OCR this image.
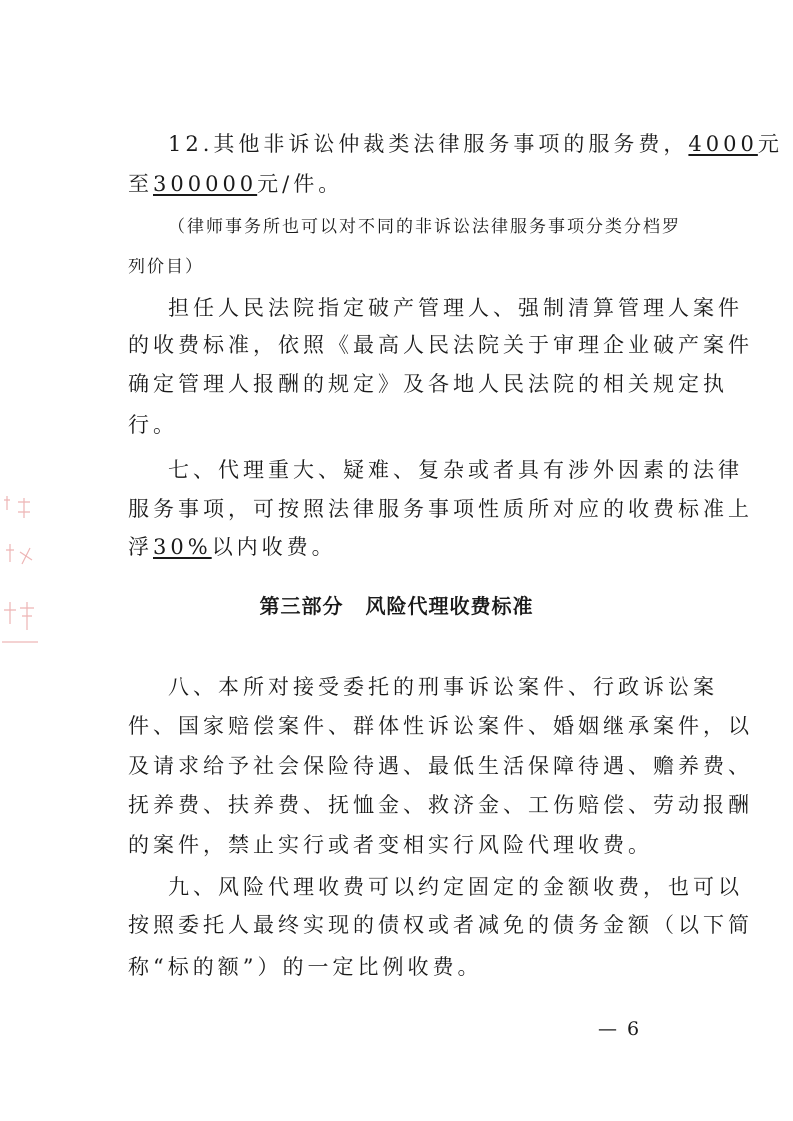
12.其他非诉讼仲裁类法律服务事项的服务费，4000元
至300000元/件。
（律师事务所也可以对不同的非诉讼法律服务事项分类分档罗
列价目）
担任人民法院指定破产管理人、强制清算管理人案件
的收费标准，依照《最高人民法院关于审理企业破产案件
确定管理人报酬的规定》及各地人民法院的相关规定执
行。
七、代理重大、疑难、复杂或者具有涉外因素的法律
服务事项，可按照法律服务事项性质所对应的收费标准上
浮30%以内收费。
第三部分 风险代理收费标准
八、本所对接受委托的刑事诉讼案件、行政诉讼案
件、国家赔偿案件、群体性诉讼案件、婚姻继承案件，以
及请求给予社会保险待遇、最低生活保障待遇、赡养费、
抚养费、扶养费、抚恤金、救济金、工伤赔偿、劳动报酬
的案件，禁止实行或者变相实行风险代理收费。
九、风险代理收费可以约定固定的金额收费，也可以
按照委托人最终实现的债权或者减免的债务金额（以下简
称“标的额”）的一定比例收费。
— 6
